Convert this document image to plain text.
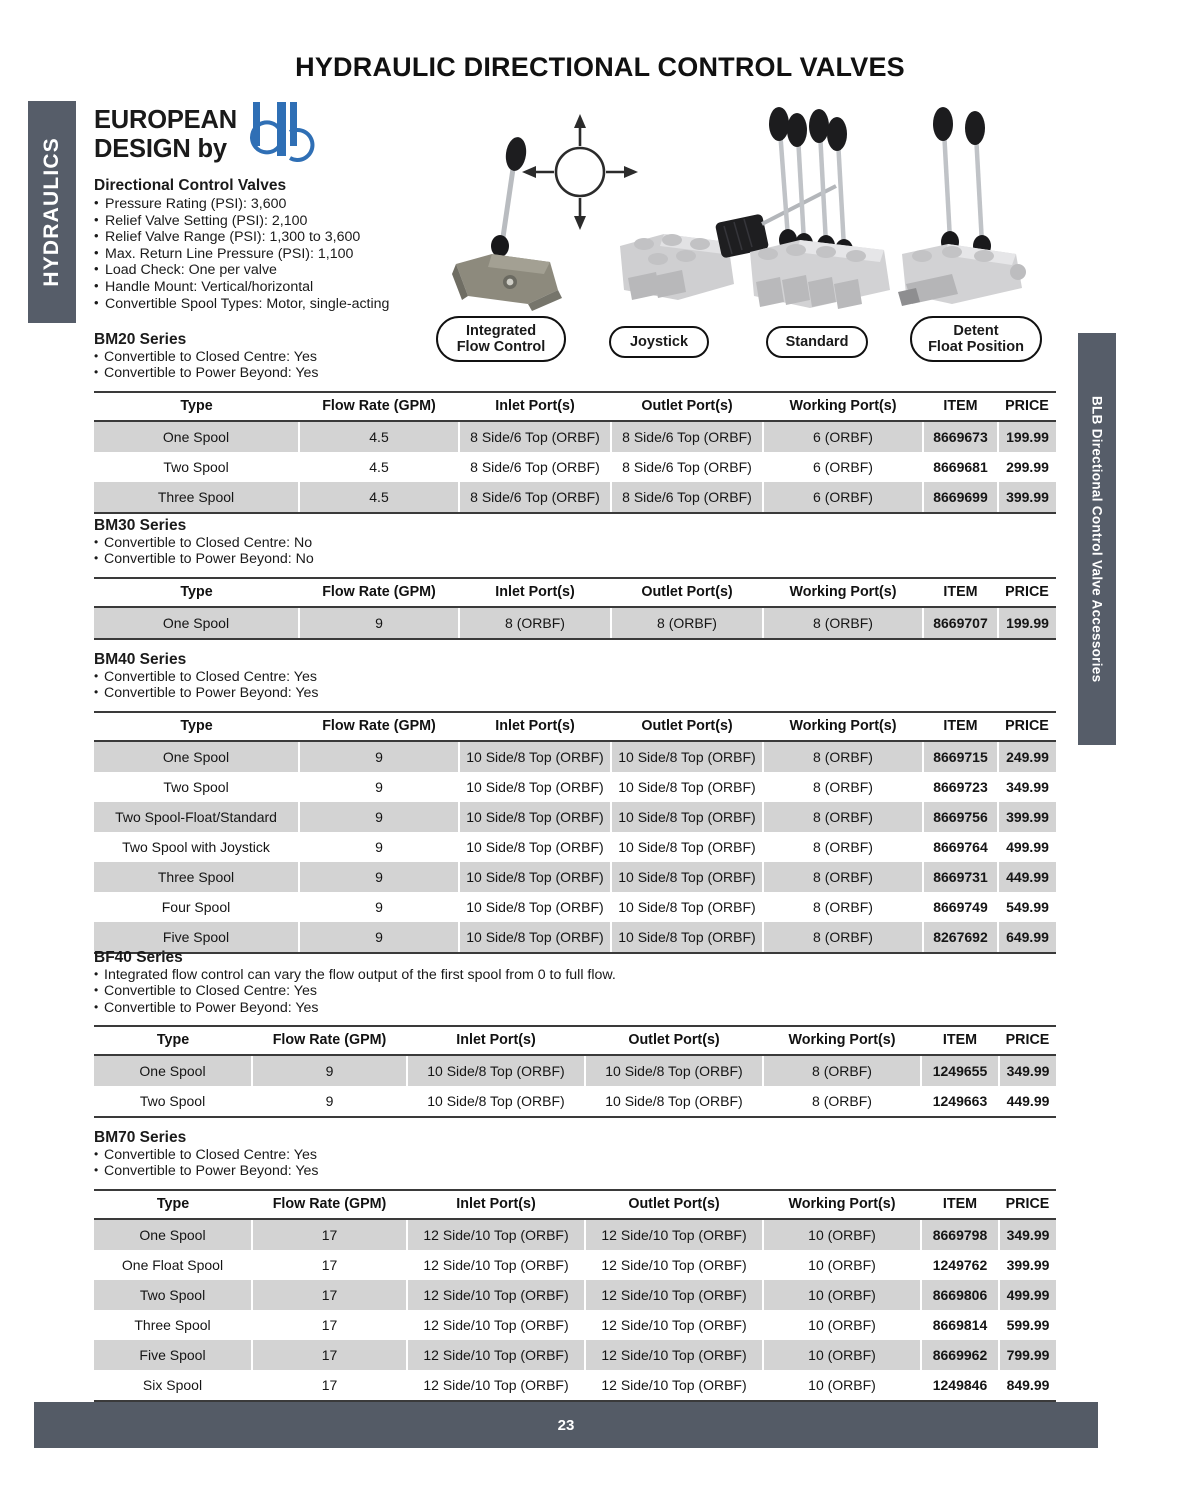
HYDRAULIC DIRECTIONAL CONTROL VALVES
HYDRAULICS
BLB Directional Control Valve Accessories
EUROPEAN
DESIGN by
Directional Control Valves
• Pressure Rating (PSI): 3,600
• Relief Valve Setting (PSI): 2,100
• Relief Valve Range (PSI): 1,300 to 3,600
• Max. Return Line Pressure (PSI): 1,100
• Load Check: One per valve
• Handle Mount: Vertical/horizontal
• Convertible Spool Types: Motor, single-acting
Integrated
Flow Control	Joystick	Standard
Detent
Float Position
BM20 Series
• Convertible to Closed Centre: Yes
• Convertible to Power Beyond: Yes
Type	Flow Rate (GPM)	Inlet Port(s)	Outlet Port(s)	Working Port(s)	ITEM	PRICE
One Spool	4.5	8 Side/6 Top (ORBF)	8 Side/6 Top (ORBF)	6 (ORBF)	8669673	199.99
Two Spool	4.5	8 Side/6 Top (ORBF)	8 Side/6 Top (ORBF)	6 (ORBF)	8669681	299.99
Three Spool	4.5	8 Side/6 Top (ORBF)	8 Side/6 Top (ORBF)	6 (ORBF)	8669699	399.99
BM30 Series
• Convertible to Closed Centre: No
• Convertible to Power Beyond: No
Type	Flow Rate (GPM)	Inlet Port(s)	Outlet Port(s)	Working Port(s)	ITEM	PRICE
One Spool	9	8 (ORBF)	8 (ORBF)	8 (ORBF)	8669707	199.99
BM40 Series
• Convertible to Closed Centre: Yes
• Convertible to Power Beyond: Yes
Type	Flow Rate (GPM)	Inlet Port(s)	Outlet Port(s)	Working Port(s)	ITEM	PRICE
One Spool	9	10 Side/8 Top (ORBF)	10 Side/8 Top (ORBF)	8 (ORBF)	8669715	249.99
Two Spool	9	10 Side/8 Top (ORBF)	10 Side/8 Top (ORBF)	8 (ORBF)	8669723	349.99
Two Spool-Float/Standard	9	10 Side/8 Top (ORBF)	10 Side/8 Top (ORBF)	8 (ORBF)	8669756	399.99
Two Spool with Joystick	9	10 Side/8 Top (ORBF)	10 Side/8 Top (ORBF)	8 (ORBF)	8669764	499.99
Three Spool	9	10 Side/8 Top (ORBF)	10 Side/8 Top (ORBF)	8 (ORBF)	8669731	449.99
Four Spool	9	10 Side/8 Top (ORBF)	10 Side/8 Top (ORBF)	8 (ORBF)	8669749	549.99
Five Spool	9	10 Side/8 Top (ORBF)	10 Side/8 Top (ORBF)	8 (ORBF)	8267692	649.99
BF40 Series
• Integrated flow control can vary the flow output of the first spool from 0 to full flow.
• Convertible to Closed Centre: Yes
• Convertible to Power Beyond: Yes
Type	Flow Rate (GPM)	Inlet Port(s)	Outlet Port(s)	Working Port(s)	ITEM	PRICE
One Spool	9	10 Side/8 Top (ORBF)	10 Side/8 Top (ORBF)	8 (ORBF)	1249655	349.99
Two Spool	9	10 Side/8 Top (ORBF)	10 Side/8 Top (ORBF)	8 (ORBF)	1249663	449.99
BM70 Series
• Convertible to Closed Centre: Yes
• Convertible to Power Beyond: Yes
Type	Flow Rate (GPM)	Inlet Port(s)	Outlet Port(s)	Working Port(s)	ITEM	PRICE
One Spool	17	12 Side/10 Top (ORBF)	12 Side/10 Top (ORBF)	10 (ORBF)	8669798	349.99
One Float Spool	17	12 Side/10 Top (ORBF)	12 Side/10 Top (ORBF)	10 (ORBF)	1249762	399.99
Two Spool	17	12 Side/10 Top (ORBF)	12 Side/10 Top (ORBF)	10 (ORBF)	8669806	499.99
Three Spool	17	12 Side/10 Top (ORBF)	12 Side/10 Top (ORBF)	10 (ORBF)	8669814	599.99
Five Spool	17	12 Side/10 Top (ORBF)	12 Side/10 Top (ORBF)	10 (ORBF)	8669962	799.99
Six Spool	17	12 Side/10 Top (ORBF)	12 Side/10 Top (ORBF)	10 (ORBF)	1249846	849.99
23
